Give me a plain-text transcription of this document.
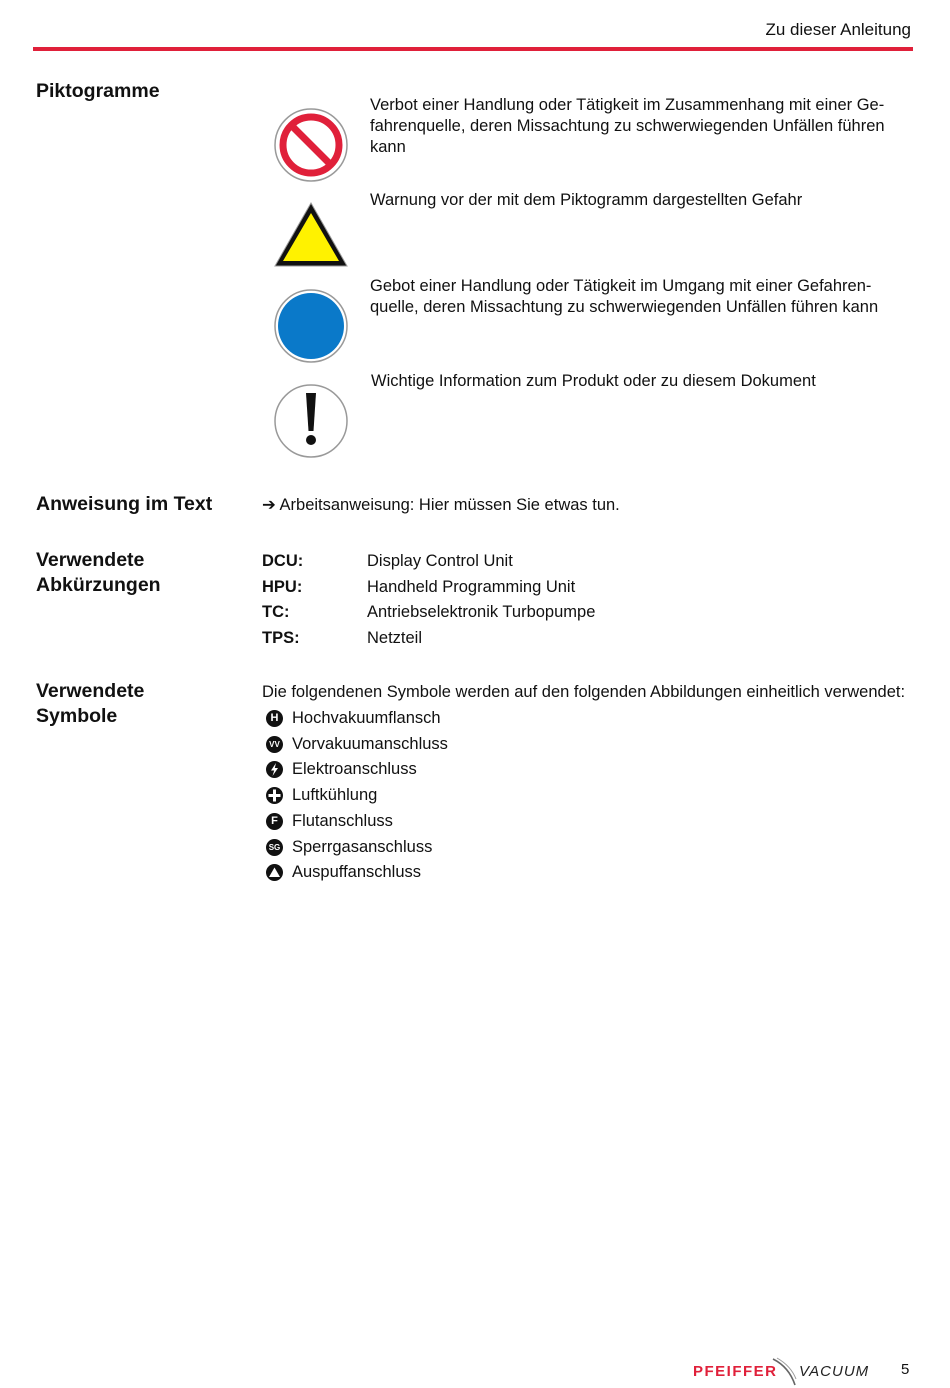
Zu dieser Anleitung
Piktogramme
Verbot einer Handlung oder Tätigkeit im Zusammenhang mit einer Ge-
fahrenquelle, deren Missachtung zu schwerwiegenden Unfällen führen
kann
Warnung vor der mit dem Piktogramm dargestellten Gefahr
Gebot einer Handlung oder Tätigkeit im Umgang mit einer Gefahren-
quelle, deren Missachtung zu schwerwiegenden Unfällen führen kann
Wichtige Information zum Produkt oder zu diesem Dokument
Anweisung im Text	➔ Arbeitsanweisung: Hier müssen Sie etwas tun.
Verwendete
Abkürzungen
DCU:	Display Control Unit
HPU:	Handheld Programming Unit
TC:	Antriebselektronik Turbopumpe
TPS:	Netzteil
Verwendete
Symbole
Die folgendenen Symbole werden auf den folgenden Abbildungen einheitlich verwendet:
H Hochvakuumflansch
VV Vorvakuumanschluss
Elektroanschluss
Luftkühlung
F Flutanschluss
SG Sperrgasanschluss
Auspuffanschluss
PFEIFFER VACUUM 5
